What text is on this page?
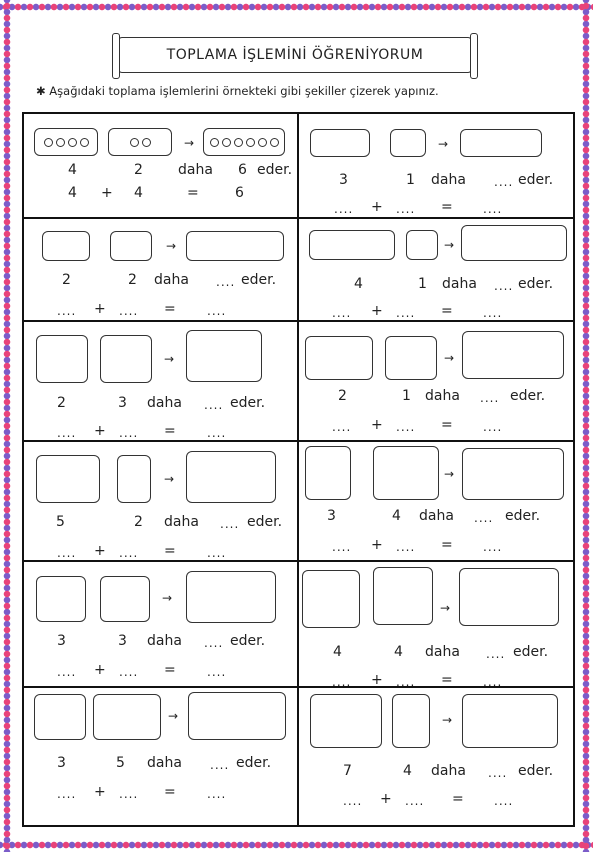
TOPLAMA İŞLEMİNİ ÖĞRENİYORUM
✱ Aşağıdaki toplama işlemlerini örnekteki gibi şekiller çizerek yapınız.
→
4	2	daha 6 eder.
4 + 4	=	6
→
3	1 daha .... eder.
.... + .... =	....
→
2	2 daha .... eder.
.... + .... =	....
→
4	1 daha .... eder.
.... + .... =	....
→
2	3 daha .... eder.
.... + .... =	....
→
2	1 daha .... eder.
.... + .... =	....
→
5	2 daha .... eder.
.... + .... =	....
→
3	4 daha .... eder.
.... + .... =	....
→
3	3 daha .... eder.
.... + .... =	....
→
4	4 daha .... eder.
.... + .... =	....
→
3	5 daha .... eder.
.... + .... =	....
→
7	4 daha .... eder.
.... + .... =	....
